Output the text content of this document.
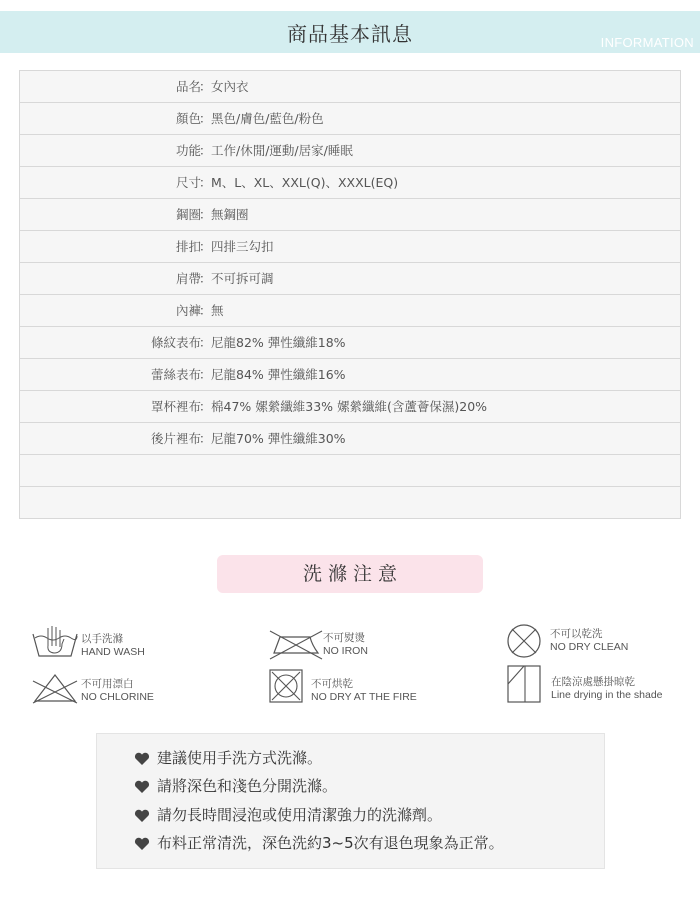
商品基本訊息	INFORMATION
品名
： 女內衣
顏色
： 黑色/膚色/藍色/粉色
功能
： 工作/休閒/運動/居家/睡眠
尺寸
： M、L、XL、XXL(Q)、XXXL(EQ)
鋼圈
： 無鋼圈
排扣
： 四排三勾扣
肩帶
： 不可拆可調
內褲
： 無
條紋表布
： 尼龍82% 彈性纖維18%
蕾絲表布
： 尼龍84% 彈性纖維16%
罩杯裡布
： 棉47% 嫘縈纖維33% 嫘縈纖維(含蘆薈保濕)20%
後片裡布
： 尼龍70% 彈性纖維30%
洗滌注意
以手洗滌
HAND WASH
不可熨燙
NO IRON
不可以乾洗
NO DRY CLEAN
不可用漂白
NO CHLORINE
不可烘乾
NO DRY AT THE FIRE
在陰涼處懸掛晾乾
Line drying in the shade
建議使用手洗方式洗滌。
請將深色和淺色分開洗滌。
請勿長時間浸泡或使用清潔強力的洗滌劑。
布料正常清洗，深色洗約3~5次有退色現象為正常。
